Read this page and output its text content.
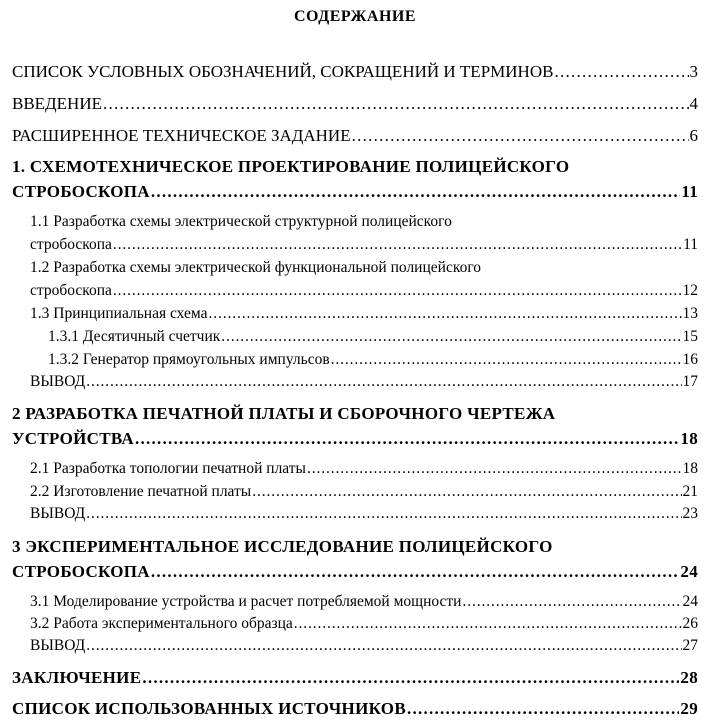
СОДЕРЖАНИЕ
СПИСОК УСЛОВНЫХ ОБОЗНАЧЕНИЙ, СОКРАЩЕНИЙ И ТЕРМИНОВ . . .	3
ВВЕДЕНИЕ . . .	4
РАСШИРЕННОЕ ТЕХНИЧЕСКОЕ ЗАДАНИЕ . . .	6
1. СХЕМОТЕХНИЧЕСКОЕ ПРОЕКТИРОВАНИЕ ПОЛИЦЕЙСКОГО
СТРОБОСКОПА . . .	11
1.1 Разработка схемы электрической структурной полицейского
стробоскопа . . .	11
1.2 Разработка схемы электрической функциональной полицейского
стробоскопа . . .	12
1.3 Принципиальная схема . . .	13
1.3.1 Десятичный счетчик . . .	15
1.3.2 Генератор прямоугольных импульсов . . .	16
ВЫВОД . . .	17
2 РАЗРАБОТКА ПЕЧАТНОЙ ПЛАТЫ И СБОРОЧНОГО ЧЕРТЕЖА
УСТРОЙСТВА . . .	18
2.1 Разработка топологии печатной платы . . .	18
2.2 Изготовление печатной платы . . .	21
ВЫВОД . . .	23
3 ЭКСПЕРИМЕНТАЛЬНОЕ ИССЛЕДОВАНИЕ ПОЛИЦЕЙСКОГО
СТРОБОСКОПА . . .	24
3.1 Моделирование устройства и расчет потребляемой мощности . . .	24
3.2 Работа экспериментального образца . . .	26
ВЫВОД . . .	27
ЗАКЛЮЧЕНИЕ . . .	28
СПИСОК ИСПОЛЬЗОВАННЫХ ИСТОЧНИКОВ . . .	29
